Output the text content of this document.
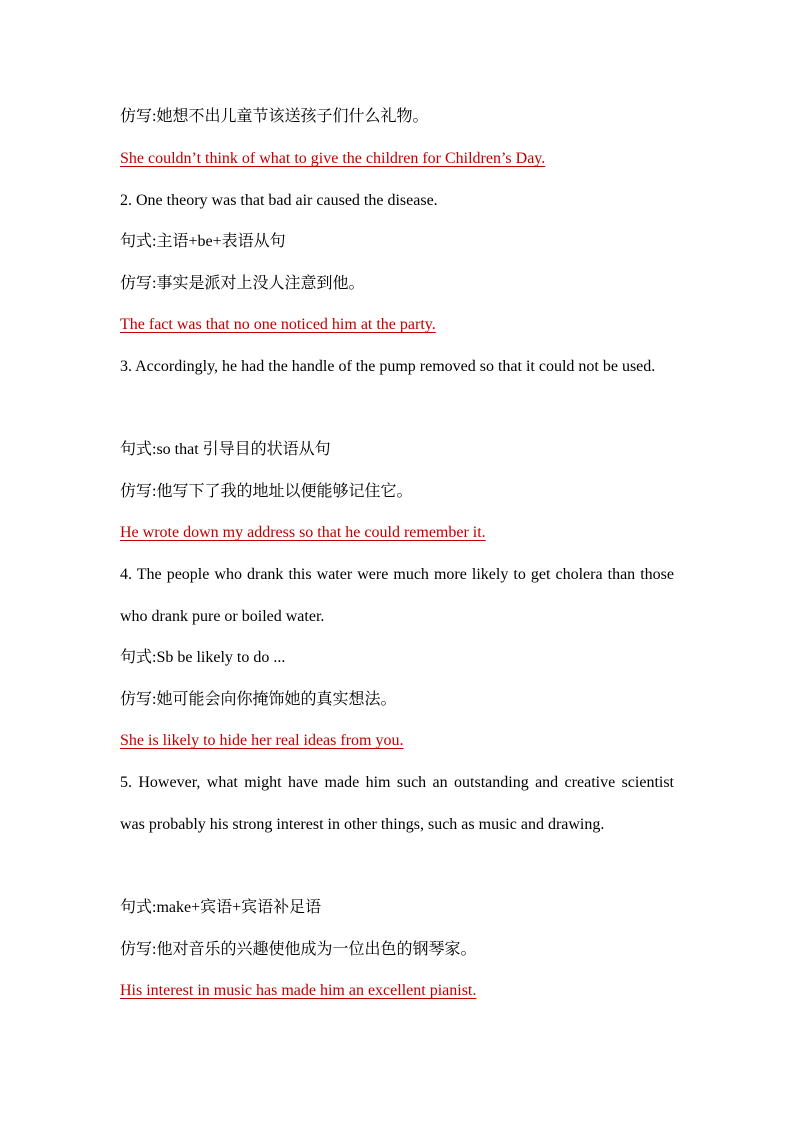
仿写:她想不出儿童节该送孩子们什么礼物。
She couldn’t think of what to give the children for Children’s Day.
2. One theory was that bad air caused the disease.
句式:主语+be+表语从句
仿写:事实是派对上没人注意到他。
The fact was that no one noticed him at the party.
3. Accordingly, he had the handle of the pump removed so that it could not be used.
句式:so that 引导目的状语从句
仿写:他写下了我的地址以便能够记住它。
He wrote down my address so that he could remember it.
4. The people who drank this water were much more likely to get cholera than those who drank pure or boiled water.
句式:Sb be likely to do ...
仿写:她可能会向你掩饰她的真实想法。
She is likely to hide her real ideas from you.
5. However, what might have made him such an outstanding and creative scientist was probably his strong interest in other things, such as music and drawing.
句式:make+宾语+宾语补足语
仿写:他对音乐的兴趣使他成为一位出色的钢琴家。
His interest in music has made him an excellent pianist.
